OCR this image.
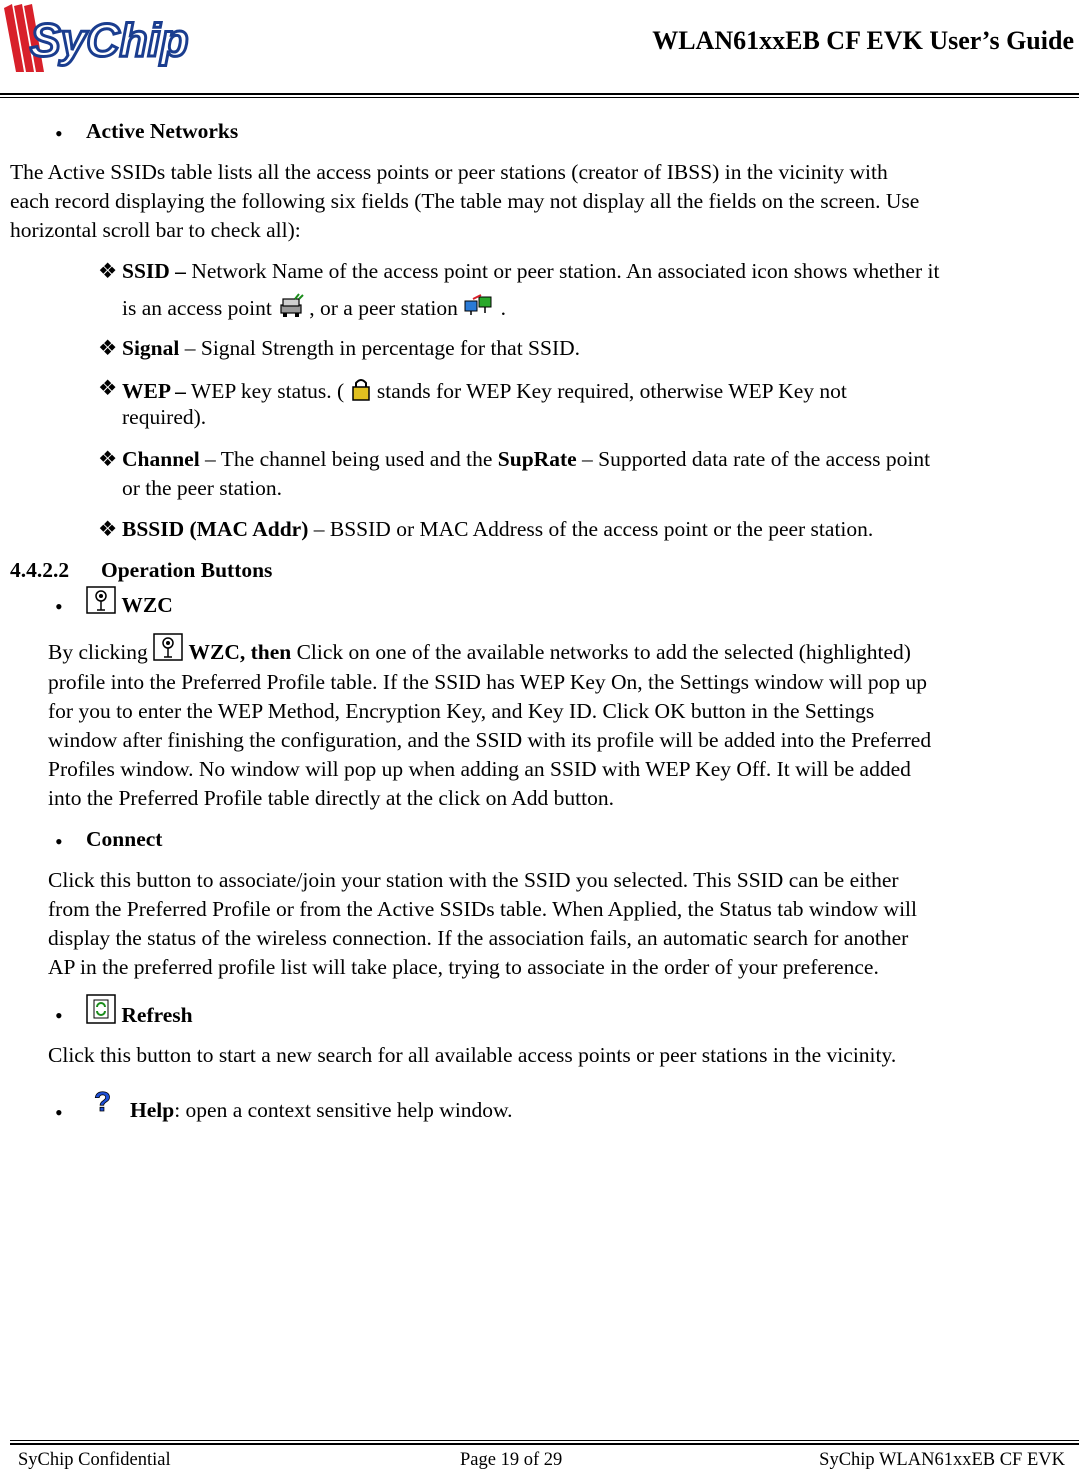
SyChip	WLAN61xxEB CF EVK User’s Guide
• Active Networks
The Active SSIDs table lists all the access points or peer stations (creator of IBSS) in the vicinity with
each record displaying the following six fields (The table may not display all the fields on the screen. Use
horizontal scroll bar to check all):
❖ SSID – Network Name of the access point or peer station. An associated icon shows whether it
is an access point , or a peer station  .
❖ Signal – Signal Strength in percentage for that SSID.
❖ WEP – WEP key status. (  stands for WEP Key required, otherwise WEP Key not
required).
❖ Channel – The channel being used and the SupRate – Supported data rate of the access point
or the peer station.
❖ BSSID (MAC Addr) – BSSID or MAC Address of the access point or the peer station.
4.4.2.2 Operation Buttons
•	WZC
By clicking  WZC, then Click on one of the available networks to add the selected (highlighted)
profile into the Preferred Profile table. If the SSID has WEP Key On, the Settings window will pop up
for you to enter the WEP Method, Encryption Key, and Key ID. Click OK button in the Settings
window after finishing the configuration, and the SSID with its profile will be added into the Preferred
Profiles window. No window will pop up when adding an SSID with WEP Key Off. It will be added
into the Preferred Profile table directly at the click on Add button.
• Connect
Click this button to associate/join your station with the SSID you selected. This SSID can be either
from the Preferred Profile or from the Active SSIDs table. When Applied, the Status tab window will
display the status of the wireless connection. If the association fails, an automatic search for another
AP in the preferred profile list will take place, trying to associate in the order of your preference.
•	Refresh
Click this button to start a new search for all available access points or peer stations in the vicinity.
• ? Help: open a context sensitive help window.
SyChip Confidential	Page 19 of 29	SyChip WLAN61xxEB CF EVK
